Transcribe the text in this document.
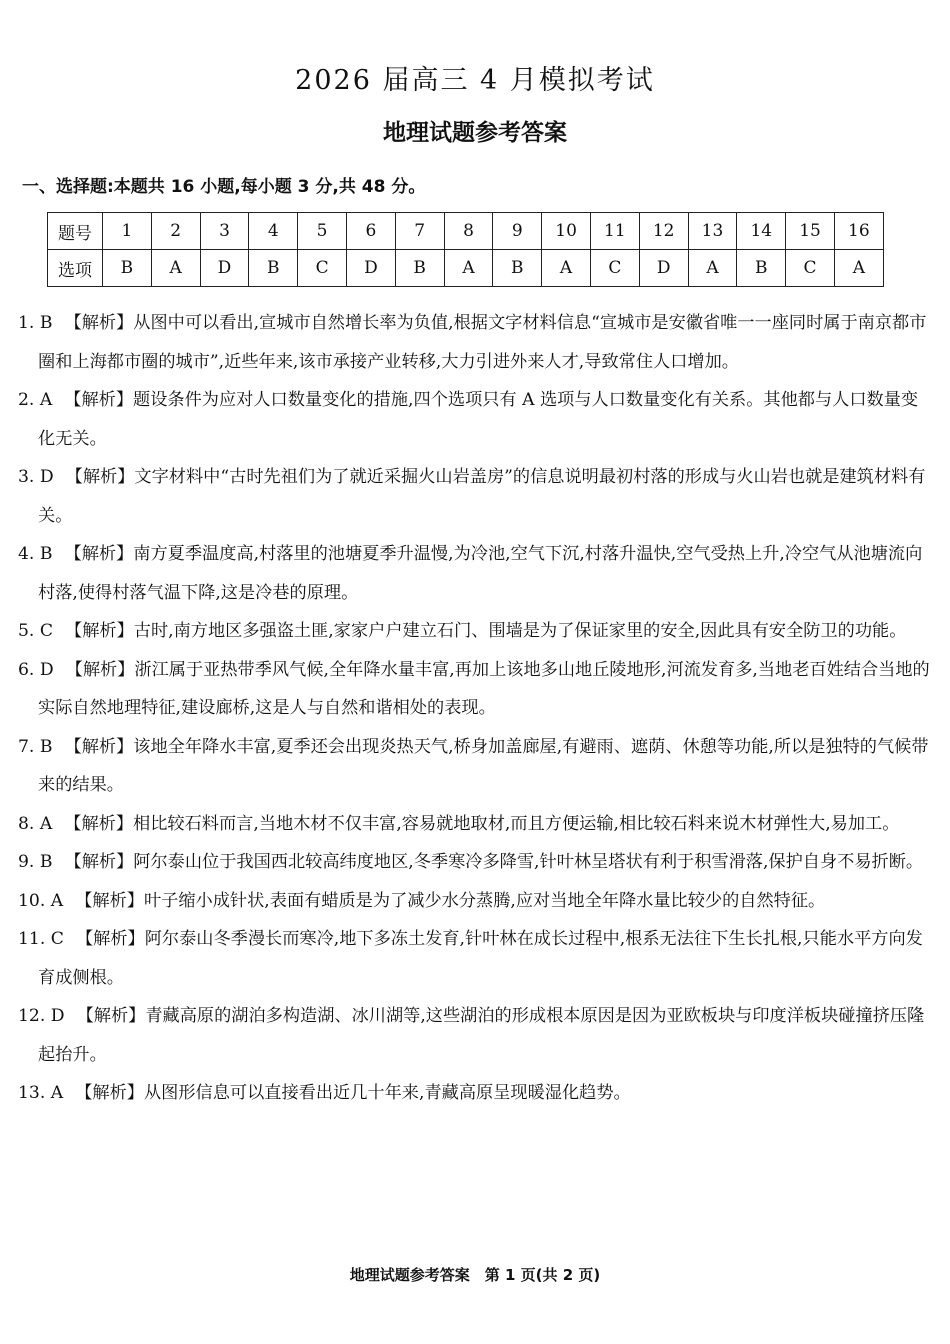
2026 届高三 4 月模拟考试
地理试题参考答案
一、选择题:本题共 16 小题,每小题 3 分,共 48 分。
题号	1	2	3	4	5	6	7	8	9	10	11	12	13	14	15	16
选项	B	A	D	B	C	D	B	A	B	A	C	D	A	B	C	A
1. B 【解析】从图中可以看出,宣城市自然增长率为负值,根据文字材料信息“宣城市是安徽省唯一一座同时属于南京都市圈和上海都市圈的城市”,近些年来,该市承接产业转移,大力引进外来人才,导致常住人口增加。
2. A 【解析】题设条件为应对人口数量变化的措施,四个选项只有 A 选项与人口数量变化有关系。其他都与人口数量变化无关。
3. D 【解析】文字材料中“古时先祖们为了就近采掘火山岩盖房”的信息说明最初村落的形成与火山岩也就是建筑材料有关。
4. B 【解析】南方夏季温度高,村落里的池塘夏季升温慢,为冷池,空气下沉,村落升温快,空气受热上升,冷空气从池塘流向村落,使得村落气温下降,这是冷巷的原理。
5. C 【解析】古时,南方地区多强盗土匪,家家户户建立石门、围墙是为了保证家里的安全,因此具有安全防卫的功能。
6. D 【解析】浙江属于亚热带季风气候,全年降水量丰富,再加上该地多山地丘陵地形,河流发育多,当地老百姓结合当地的实际自然地理特征,建设廊桥,这是人与自然和谐相处的表现。
7. B 【解析】该地全年降水丰富,夏季还会出现炎热天气,桥身加盖廊屋,有避雨、遮荫、休憩等功能,所以是独特的气候带来的结果。
8. A 【解析】相比较石料而言,当地木材不仅丰富,容易就地取材,而且方便运输,相比较石料来说木材弹性大,易加工。
9. B 【解析】阿尔泰山位于我国西北较高纬度地区,冬季寒冷多降雪,针叶林呈塔状有利于积雪滑落,保护自身不易折断。
10. A 【解析】叶子缩小成针状,表面有蜡质是为了减少水分蒸腾,应对当地全年降水量比较少的自然特征。
11. C 【解析】阿尔泰山冬季漫长而寒冷,地下多冻土发育,针叶林在成长过程中,根系无法往下生长扎根,只能水平方向发育成侧根。
12. D 【解析】青藏高原的湖泊多构造湖、冰川湖等,这些湖泊的形成根本原因是因为亚欧板块与印度洋板块碰撞挤压隆起抬升。
13. A 【解析】从图形信息可以直接看出近几十年来,青藏高原呈现暖湿化趋势。
地理试题参考答案　第 1 页(共 2 页)
